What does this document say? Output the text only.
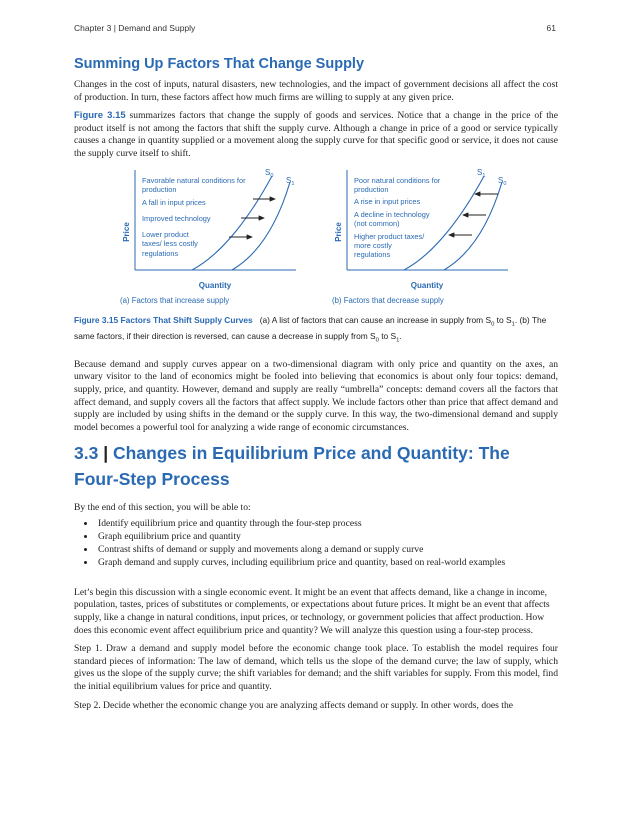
Chapter 3 | Demand and Supply	61
Summing Up Factors That Change Supply

Changes in the cost of inputs, natural disasters, new technologies, and the impact of government decisions all affect the cost of production. In turn, these factors affect how much firms are willing to supply at any given price.

Figure 3.15 summarizes factors that change the supply of goods and services. Notice that a change in the price of the product itself is not among the factors that shift the supply curve. Although a change in price of a good or service typically causes a change in quantity supplied or a movement along the supply curve for that specific good or service, it does not cause the supply curve itself to shift.

Price
$S_0$ $S_1$
Favorable natural conditions for production A fall in input prices Improved technology Lower product taxes/ less costly regulations
Quantity
(a) Factors that increase supply
Price
$S_1$ $S_0$
Poor natural conditions for production A rise in input prices A decline in technology (not common) Higher product taxes/ more costly regulations
Quantity
(b) Factors that decrease supply
Figure 3.15 Factors That Shift Supply Curves (a) A list of factors that can cause an increase in supply from $S_0$ to $S_1$. (b) The same factors, if their direction is reversed, can cause a decrease in supply from $S_0$ to $S_1$.

Because demand and supply curves appear on a two-dimensional diagram with only price and quantity on the axes, an unwary visitor to the land of economics might be fooled into believing that economics is about only four topics: demand, supply, price, and quantity. However, demand and supply are really “umbrella” concepts: demand covers all the factors that affect demand, and supply covers all the factors that affect supply. We include factors other than price that affect demand and supply are included by using shifts in the demand or the supply curve. In this way, the two-dimensional demand and supply model becomes a powerful tool for analyzing a wide range of economic circumstances.

3.3 | Changes in Equilibrium Price and Quantity: The Four-Step Process

By the end of this section, you will be able to:

• Identify equilibrium price and quantity through the four-step process
• Graph equilibrium price and quantity
• Contrast shifts of demand or supply and movements along a demand or supply curve
• Graph demand and supply curves, including equilibrium price and quantity, based on real-world examples

Let’s begin this discussion with a single economic event. It might be an event that affects demand, like a change in income, population, tastes, prices of substitutes or complements, or expectations about future prices. It might be an event that affects supply, like a change in natural conditions, input prices, or technology, or government policies that affect production. How does this economic event affect equilibrium price and quantity? We will analyze this question using a four-step process.

Step 1. Draw a demand and supply model before the economic change took place. To establish the model requires four standard pieces of information: The law of demand, which tells us the slope of the demand curve; the law of supply, which gives us the slope of the supply curve; the shift variables for demand; and the shift variables for supply. From this model, find the initial equilibrium values for price and quantity.

Step 2. Decide whether the economic change you are analyzing affects demand or supply. In other words, does the
